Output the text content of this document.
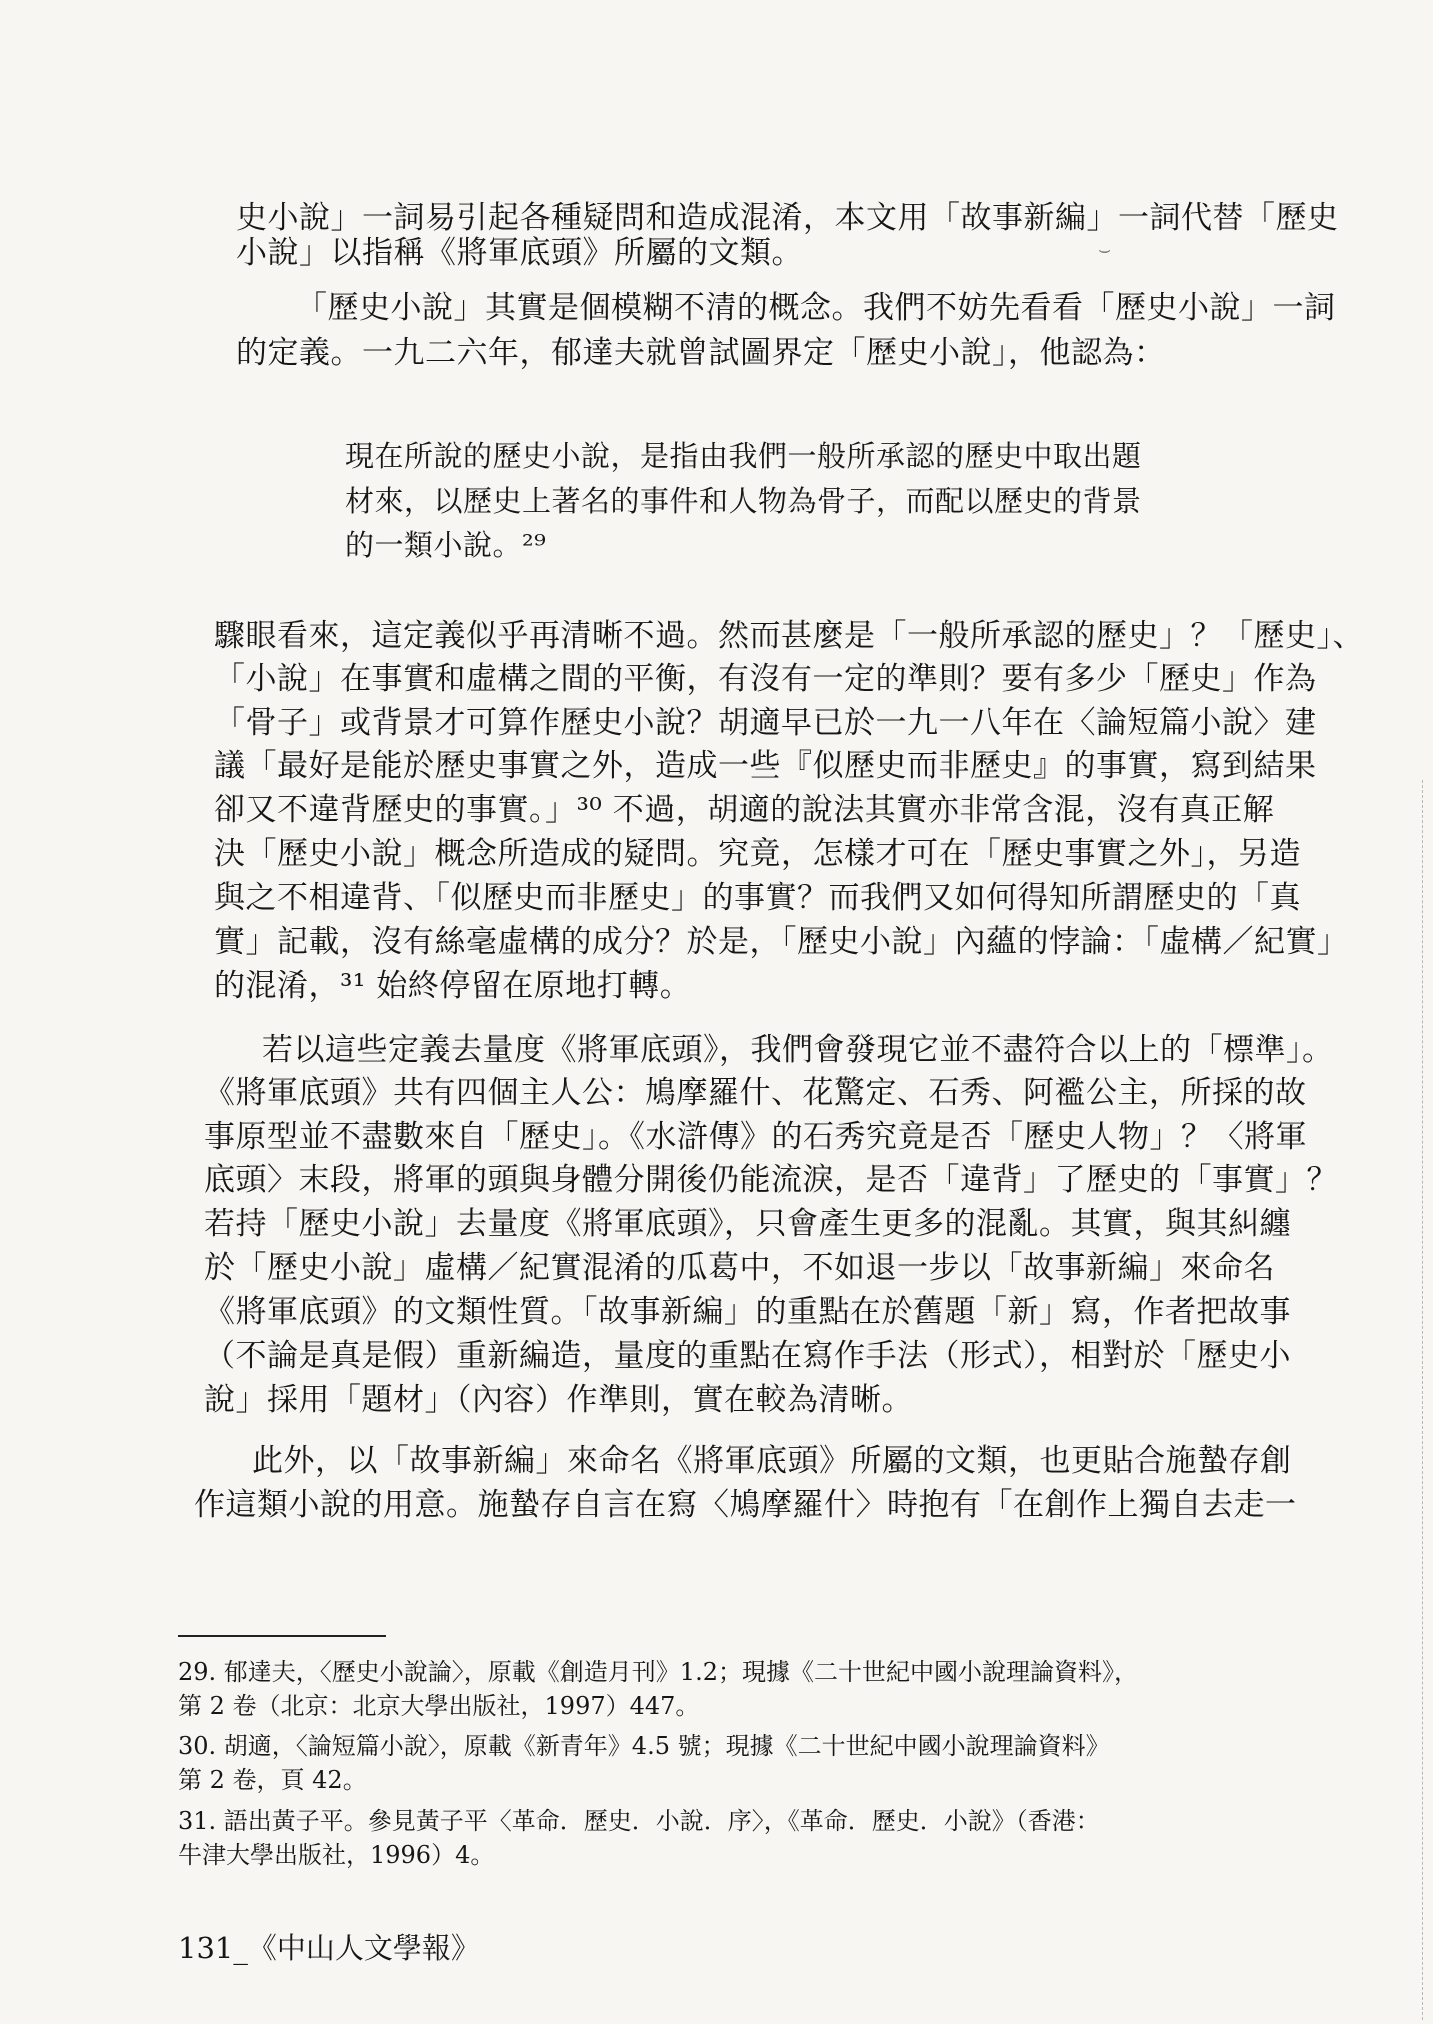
史小說」一詞易引起各種疑問和造成混淆，本文用「故事新編」一詞代替「歷史
小說」以指稱《將軍底頭》所屬的文類。	⌣
「歷史小說」其實是個模糊不清的概念。我們不妨先看看「歷史小說」一詞
的定義。一九二六年，郁達夫就曾試圖界定「歷史小說」，他認為：
現在所說的歷史小說，是指由我們一般所承認的歷史中取出題
材來，以歷史上著名的事件和人物為骨子，而配以歷史的背景
的一類小說。²⁹
驟眼看來，這定義似乎再清晰不過。然而甚麼是「一般所承認的歷史」？「歷史」、
「小說」在事實和虛構之間的平衡，有沒有一定的準則？要有多少「歷史」作為
「骨子」或背景才可算作歷史小說？胡適早已於一九一八年在〈論短篇小說〉建
議「最好是能於歷史事實之外，造成一些『似歷史而非歷史』的事實，寫到結果
卻又不違背歷史的事實。」³⁰ 不過，胡適的說法其實亦非常含混，沒有真正解
決「歷史小說」概念所造成的疑問。究竟，怎樣才可在「歷史事實之外」，另造
與之不相違背、「似歷史而非歷史」的事實？而我們又如何得知所謂歷史的「真
實」記載，沒有絲毫虛構的成分？於是，「歷史小說」內蘊的悖論：「虛構／紀實」
的混淆，³¹ 始終停留在原地打轉。
若以這些定義去量度《將軍底頭》，我們會發現它並不盡符合以上的「標準」。
《將軍底頭》共有四個主人公：鳩摩羅什、花驚定、石秀、阿襤公主，所採的故
事原型並不盡數來自「歷史」。《水滸傳》的石秀究竟是否「歷史人物」？〈將軍
底頭〉末段，將軍的頭與身體分開後仍能流淚，是否「違背」了歷史的「事實」？
若持「歷史小說」去量度《將軍底頭》，只會產生更多的混亂。其實，與其糾纏
於「歷史小說」虛構／紀實混淆的瓜葛中，不如退一步以「故事新編」來命名
《將軍底頭》的文類性質。「故事新編」的重點在於舊題「新」寫，作者把故事
（不論是真是假）重新編造，量度的重點在寫作手法（形式），相對於「歷史小
說」採用「題材」（內容）作準則，實在較為清晰。
此外，以「故事新編」來命名《將軍底頭》所屬的文類，也更貼合施蟄存創
作這類小說的用意。施蟄存自言在寫〈鳩摩羅什〉時抱有「在創作上獨自去走一
29. 郁達夫，〈歷史小說論〉，原載《創造月刊》1.2；現據《二十世紀中國小說理論資料》，
第 2 卷（北京：北京大學出版社，1997）447。
30. 胡適，〈論短篇小說〉，原載《新青年》4.5 號；現據《二十世紀中國小說理論資料》
第 2 卷，頁 42。
31. 語出黃子平。參見黃子平〈革命．歷史．小說．序〉，《革命．歷史．小說》（香港：
牛津大學出版社，1996）4。
131_《中山人文學報》
